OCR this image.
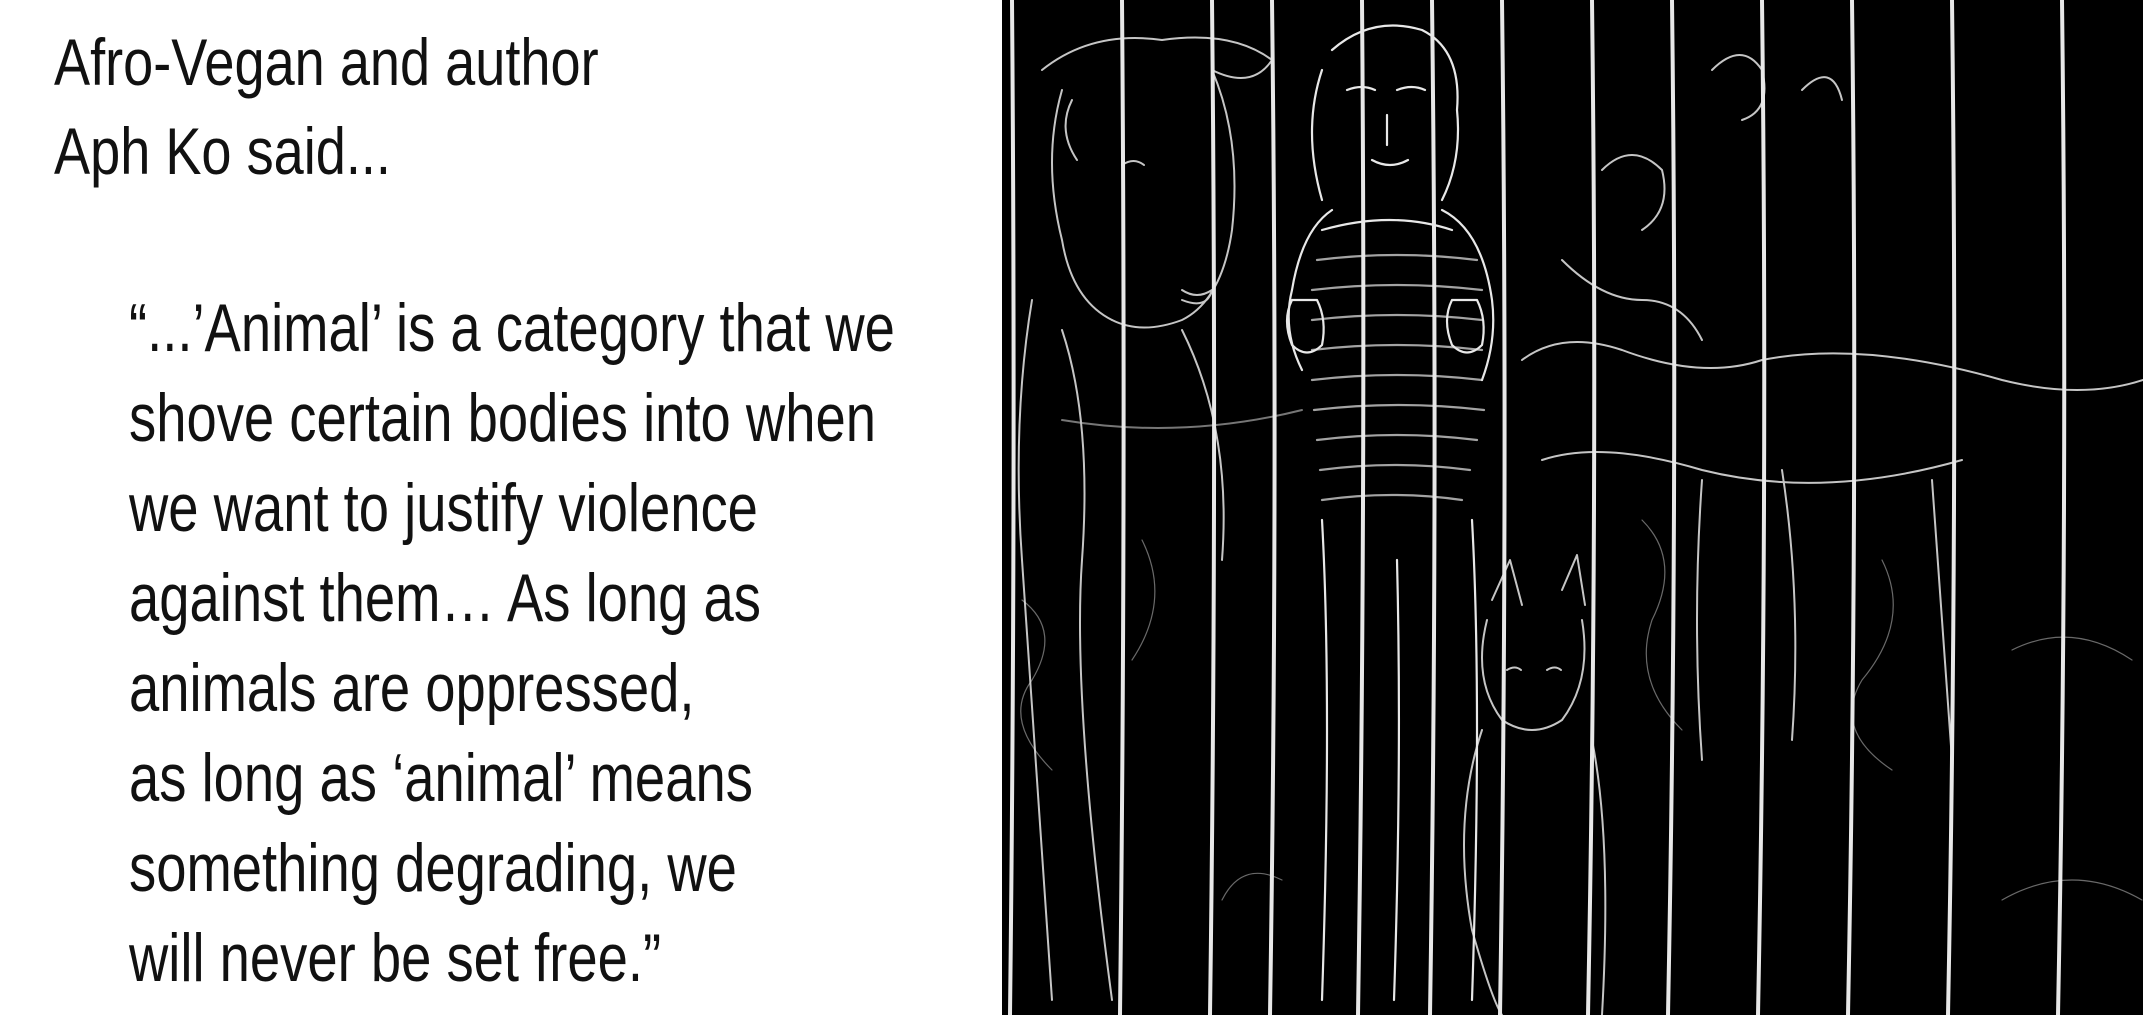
Afro-Vegan and author
Aph Ko said...
“...’Animal’ is a category that we
shove certain bodies into when
we want to justify violence
against them… As long as
animals are oppressed,
as long as ‘animal’ means
something degrading, we
will never be set free.”
